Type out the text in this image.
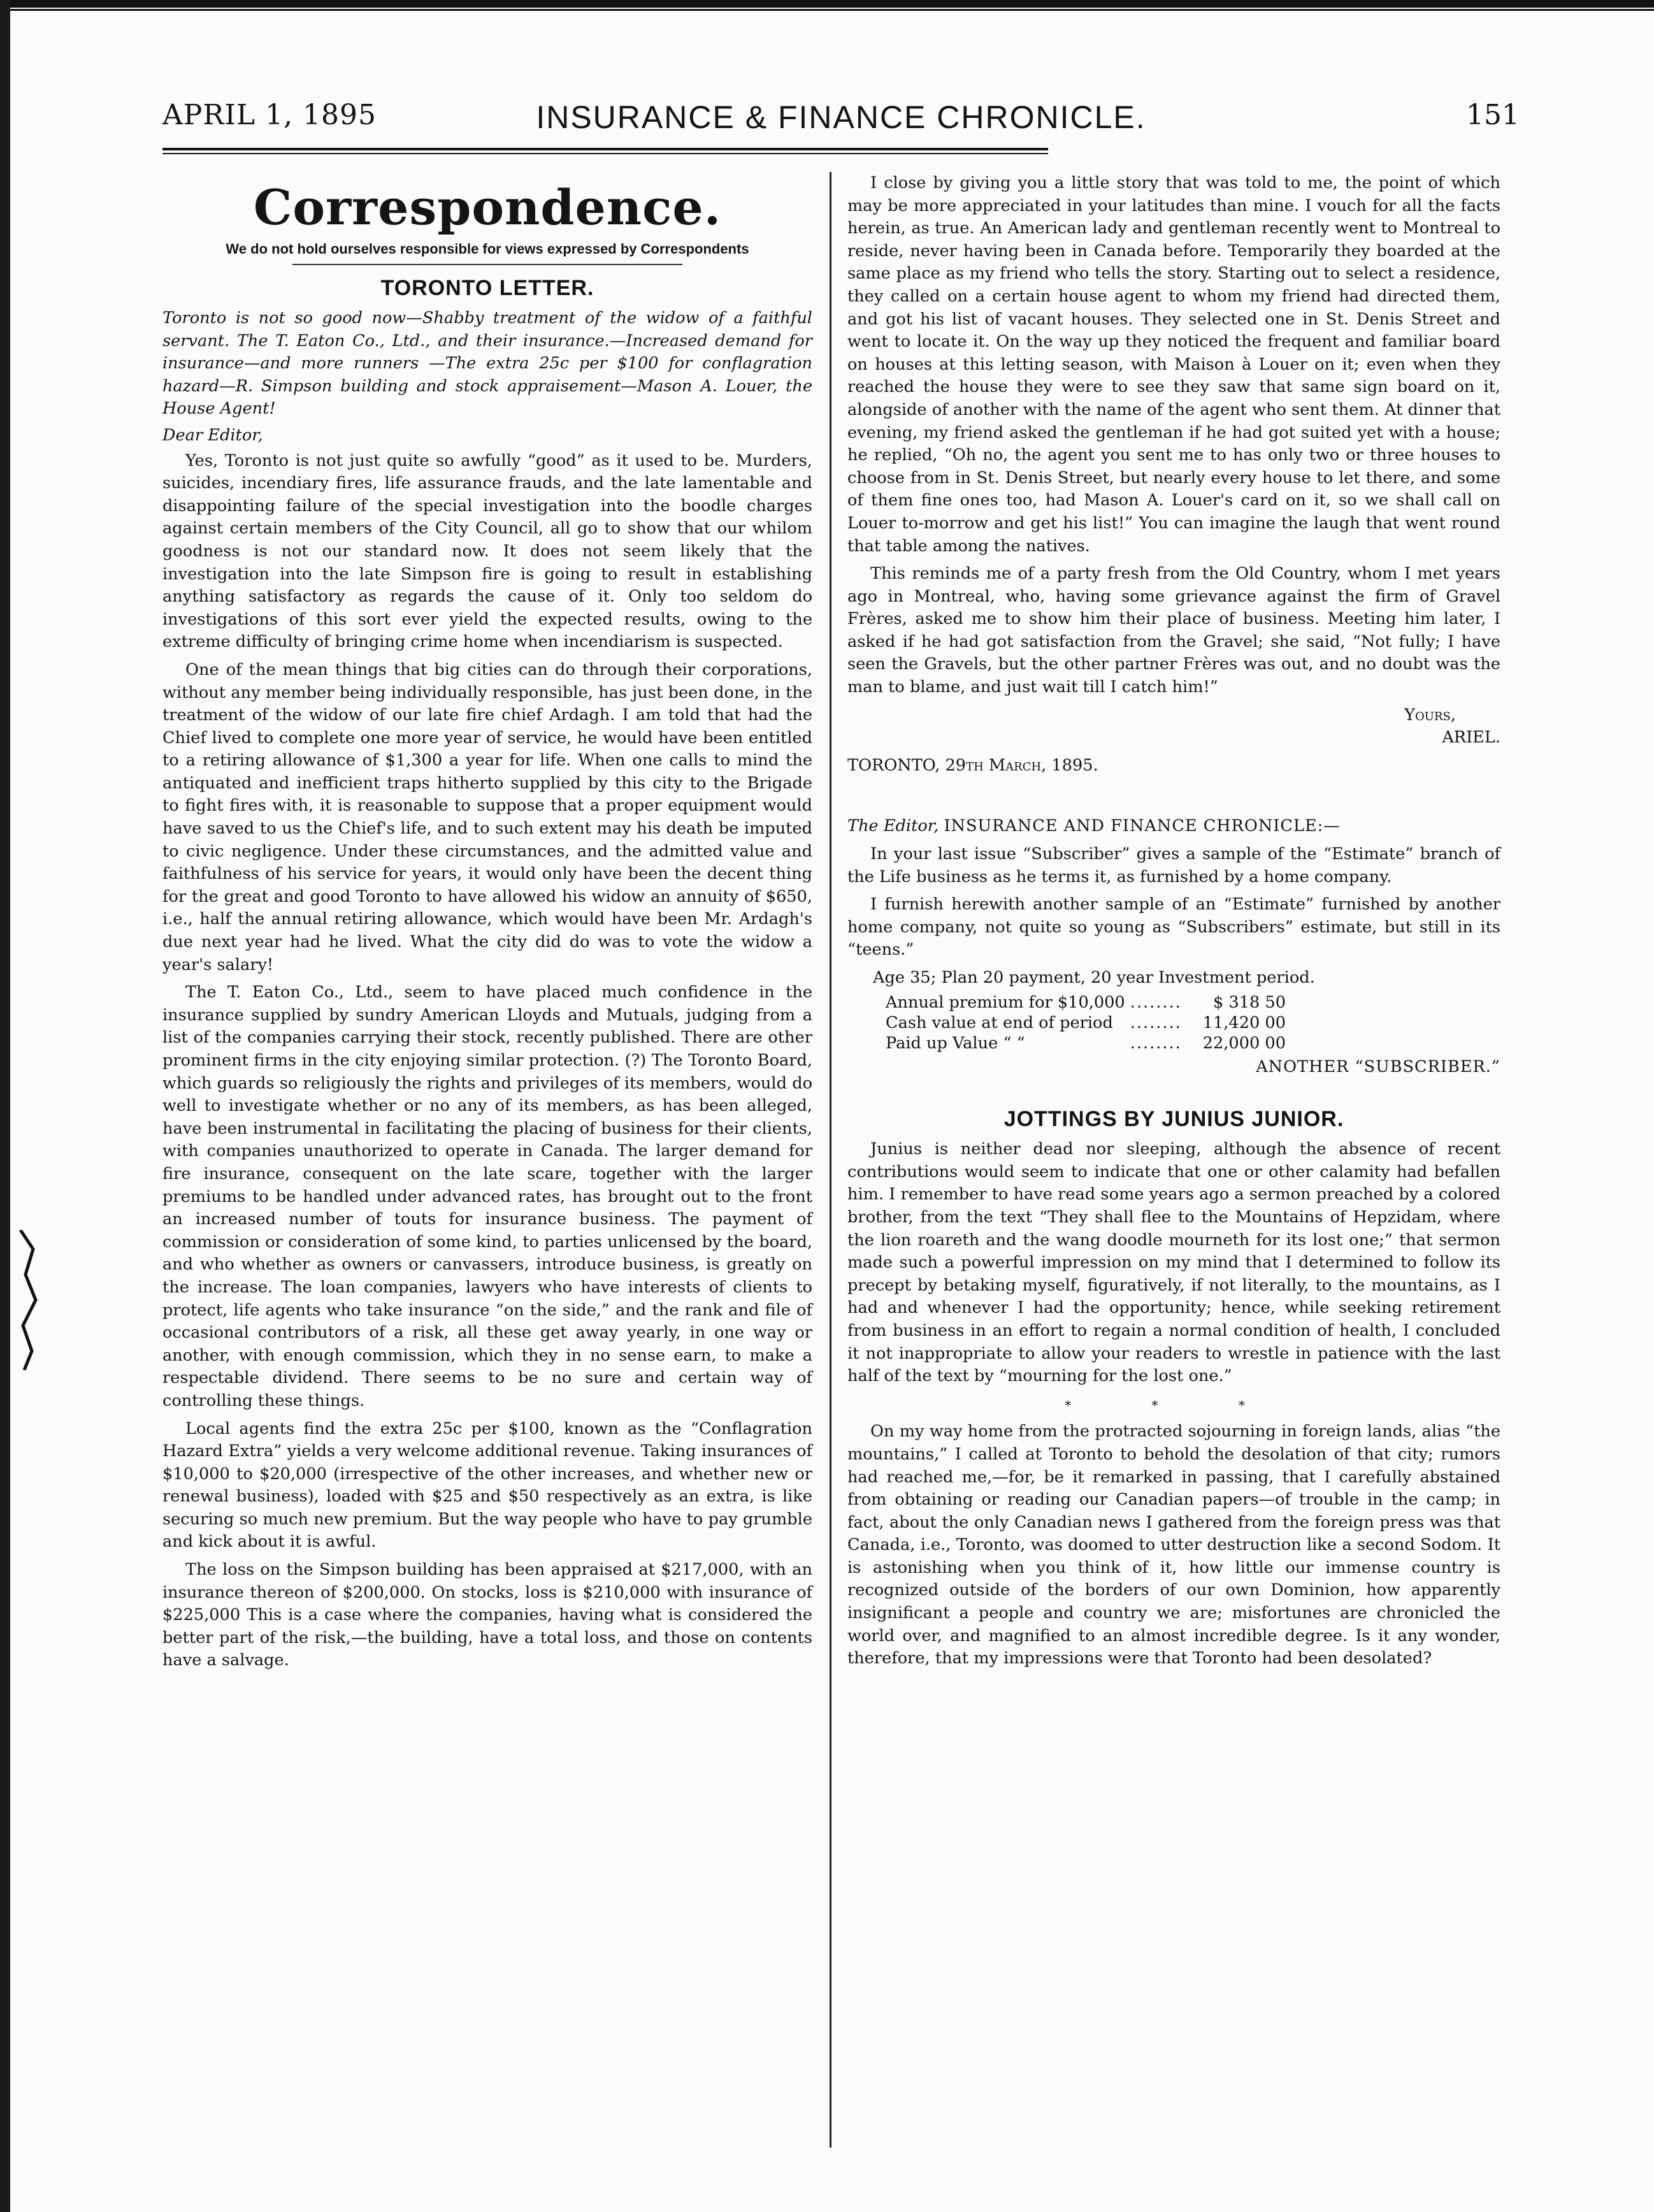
APRIL 1, 1895	INSURANCE & FINANCE CHRONICLE.	151
Correspondence.
We do not hold ourselves responsible for views expressed by Correspondents
TORONTO LETTER.
Toronto is not so good now—Shabby treatment of the widow of a faithful servant. The T. Eaton Co., Ltd., and their insurance.—Increased demand for insurance—and more runners —The extra 25c per $100 for conflagration hazard—R. Simpson building and stock appraisement—Mason A. Louer, the House Agent!
Dear Editor,

Yes, Toronto is not just quite so awfully “good” as it used to be. Murders, suicides, incendiary fires, life assurance frauds, and the late lamentable and disappointing failure of the special investigation into the boodle charges against certain members of the City Council, all go to show that our whilom goodness is not our standard now. It does not seem likely that the investigation into the late Simpson fire is going to result in establishing anything satisfactory as regards the cause of it. Only too seldom do investigations of this sort ever yield the expected results, owing to the extreme difficulty of bringing crime home when incendiarism is suspected.

One of the mean things that big cities can do through their corporations, without any member being individually responsible, has just been done, in the treatment of the widow of our late fire chief Ardagh. I am told that had the Chief lived to complete one more year of service, he would have been entitled to a retiring allowance of $1,300 a year for life. When one calls to mind the antiquated and inefficient traps hitherto supplied by this city to the Brigade to fight fires with, it is reasonable to suppose that a proper equipment would have saved to us the Chief's life, and to such extent may his death be imputed to civic negligence. Under these circumstances, and the admitted value and faithfulness of his service for years, it would only have been the decent thing for the great and good Toronto to have allowed his widow an annuity of $650, i.e., half the annual retiring allowance, which would have been Mr. Ardagh's due next year had he lived. What the city did do was to vote the widow a year's salary!

The T. Eaton Co., Ltd., seem to have placed much confidence in the insurance supplied by sundry American Lloyds and Mutuals, judging from a list of the companies carrying their stock, recently published. There are other prominent firms in the city enjoying similar protection. (?) The Toronto Board, which guards so religiously the rights and privileges of its members, would do well to investigate whether or no any of its members, as has been alleged, have been instrumental in facilitating the placing of business for their clients, with companies unauthorized to operate in Canada. The larger demand for fire insurance, consequent on the late scare, together with the larger premiums to be handled under advanced rates, has brought out to the front an increased number of touts for insurance business. The payment of commission or consideration of some kind, to parties unlicensed by the board, and who whether as owners or canvassers, introduce business, is greatly on the increase. The loan companies, lawyers who have interests of clients to protect, life agents who take insurance “on the side,” and the rank and file of occasional contributors of a risk, all these get away yearly, in one way or another, with enough commission, which they in no sense earn, to make a respectable dividend. There seems to be no sure and certain way of controlling these things.

Local agents find the extra 25c per $100, known as the “Conflagration Hazard Extra” yields a very welcome additional revenue. Taking insurances of $10,000 to $20,000 (irrespective of the other increases, and whether new or renewal business), loaded with $25 and $50 respectively as an extra, is like securing so much new premium. But the way people who have to pay grumble and kick about it is awful.

The loss on the Simpson building has been appraised at $217,000, with an insurance thereon of $200,000. On stocks, loss is $210,000 with insurance of $225,000 This is a case where the companies, having what is considered the better part of the risk,—the building, have a total loss, and those on contents have a salvage.

I close by giving you a little story that was told to me, the point of which may be more appreciated in your latitudes than mine. I vouch for all the facts herein, as true. An American lady and gentleman recently went to Montreal to reside, never having been in Canada before. Temporarily they boarded at the same place as my friend who tells the story. Starting out to select a residence, they called on a certain house agent to whom my friend had directed them, and got his list of vacant houses. They selected one in St. Denis Street and went to locate it. On the way up they noticed the frequent and familiar board on houses at this letting season, with Maison à Louer on it; even when they reached the house they were to see they saw that same sign board on it, alongside of another with the name of the agent who sent them. At dinner that evening, my friend asked the gentleman if he had got suited yet with a house; he replied, “Oh no, the agent you sent me to has only two or three houses to choose from in St. Denis Street, but nearly every house to let there, and some of them fine ones too, had Mason A. Louer's card on it, so we shall call on Louer to-morrow and get his list!” You can imagine the laugh that went round that table among the natives.

This reminds me of a party fresh from the Old Country, whom I met years ago in Montreal, who, having some grievance against the firm of Gravel Frères, asked me to show him their place of business. Meeting him later, I asked if he had got satisfaction from the Gravel; she said, “Not fully; I have seen the Gravels, but the other partner Frères was out, and no doubt was the man to blame, and just wait till I catch him!”

Yours,
ARIEL.
TORONTO, 29th March, 1895.
The Editor, INSURANCE AND FINANCE CHRONICLE:—

In your last issue “Subscriber” gives a sample of the “Estimate” branch of the Life business as he terms it, as furnished by a home company.

I furnish herewith another sample of an “Estimate” furnished by another home company, not quite so young as “Subscribers” estimate, but still in its “teens.”

Age 35; Plan 20 payment, 20 year Investment period.
Annual premium for $10,000	........	$ 318 50
Cash value at end of period	........	11,420 00
Paid up Value “ “	........	22,000 00
ANOTHER “SUBSCRIBER.”
JOTTINGS BY JUNIUS JUNIOR.

Junius is neither dead nor sleeping, although the absence of recent contributions would seem to indicate that one or other calamity had befallen him. I remember to have read some years ago a sermon preached by a colored brother, from the text “They shall flee to the Mountains of Hepzidam, where the lion roareth and the wang doodle mourneth for its lost one;” that sermon made such a powerful impression on my mind that I determined to follow its precept by betaking myself, figuratively, if not literally, to the mountains, as I had and whenever I had the opportunity; hence, while seeking retirement from business in an effort to regain a normal condition of health, I concluded it not inappropriate to allow your readers to wrestle in patience with the last half of the text by “mourning for the lost one.”

* * *

On my way home from the protracted sojourning in foreign lands, alias “the mountains,” I called at Toronto to behold the desolation of that city; rumors had reached me,—for, be it remarked in passing, that I carefully abstained from obtaining or reading our Canadian papers—of trouble in the camp; in fact, about the only Canadian news I gathered from the foreign press was that Canada, i.e., Toronto, was doomed to utter destruction like a second Sodom. It is astonishing when you think of it, how little our immense country is recognized outside of the borders of our own Dominion, how apparently insignificant a people and country we are; misfortunes are chronicled the world over, and magnified to an almost incredible degree. Is it any wonder, therefore, that my impressions were that Toronto had been desolated?
